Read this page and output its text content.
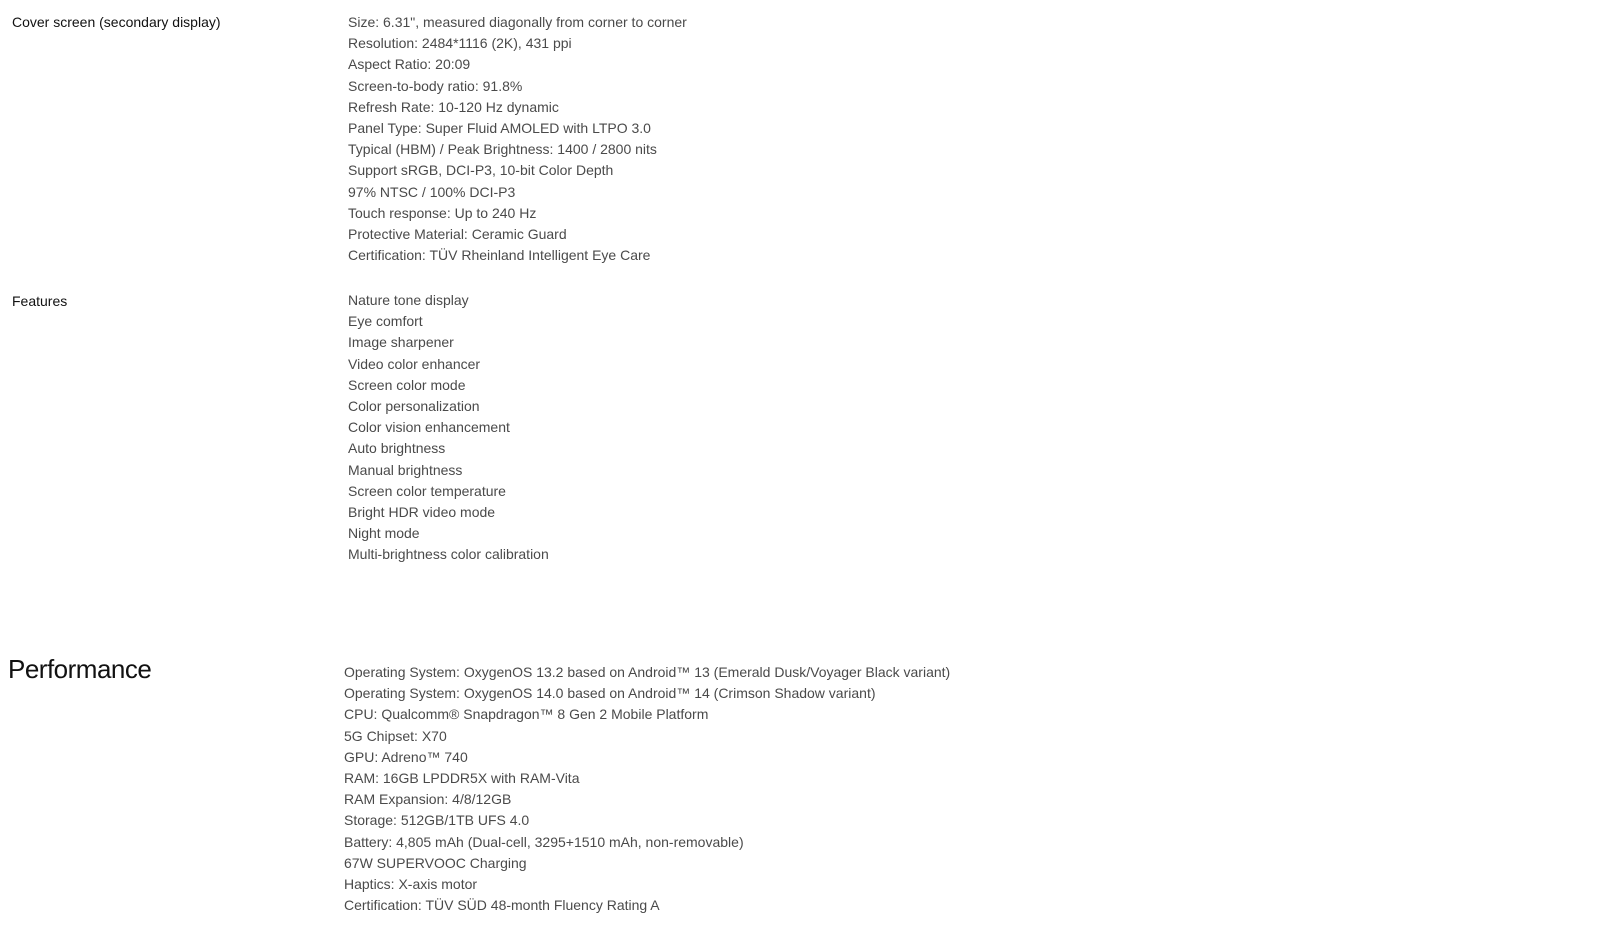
Cover screen (secondary display)	Size: 6.31", measured diagonally from corner to corner
Resolution: 2484*1116 (2K), 431 ppi
Aspect Ratio: 20:09
Screen-to-body ratio: 91.8%
Refresh Rate: 10-120 Hz dynamic
Panel Type: Super Fluid AMOLED with LTPO 3.0
Typical (HBM) / Peak Brightness: 1400 / 2800 nits
Support sRGB, DCI-P3, 10-bit Color Depth
97% NTSC / 100% DCI-P3
Touch response: Up to 240 Hz
Protective Material: Ceramic Guard
Certification: TÜV Rheinland Intelligent Eye Care
Features	Nature tone display
Eye comfort
Image sharpener
Video color enhancer
Screen color mode
Color personalization
Color vision enhancement
Auto brightness
Manual brightness
Screen color temperature
Bright HDR video mode
Night mode
Multi-brightness color calibration
Performance	Operating System: OxygenOS 13.2 based on Android™ 13 (Emerald Dusk/Voyager Black variant)
Operating System: OxygenOS 14.0 based on Android™ 14 (Crimson Shadow variant)
CPU: Qualcomm® Snapdragon™ 8 Gen 2 Mobile Platform
5G Chipset: X70
GPU: Adreno™ 740
RAM: 16GB LPDDR5X with RAM-Vita
RAM Expansion: 4/8/12GB
Storage: 512GB/1TB UFS 4.0
Battery: 4,805 mAh (Dual-cell, 3295+1510 mAh, non-removable)
67W SUPERVOOC Charging
Haptics: X-axis motor
Certification: TÜV SÜD 48-month Fluency Rating A
